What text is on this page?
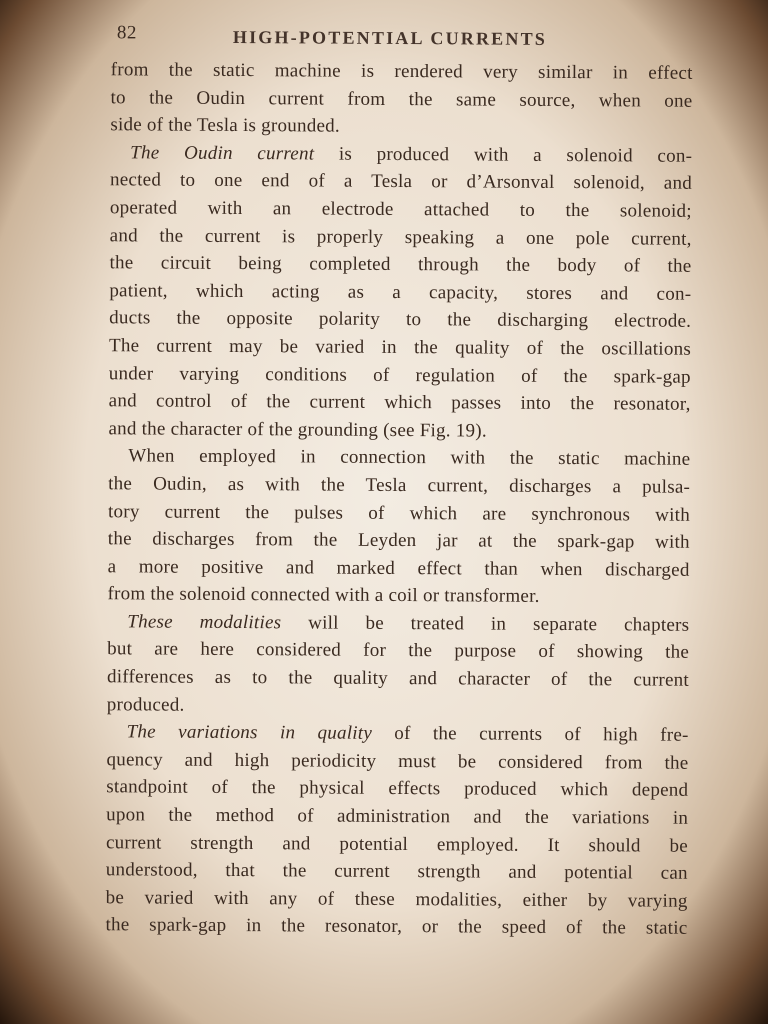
82	HIGH-POTENTIAL CURRENTS
from the static machine is rendered very similar in effect
to the Oudin current from the same source, when one
side of the Tesla is grounded.
The Oudin current is produced with a solenoid con-
nected to one end of a Tesla or d’Arsonval solenoid, and
operated with an electrode attached to the solenoid;
and the current is properly speaking a one pole current,
the circuit being completed through the body of the
patient, which acting as a capacity, stores and con-
ducts the opposite polarity to the discharging electrode.
The current may be varied in the quality of the oscillations
under varying conditions of regulation of the spark-gap
and control of the current which passes into the resonator,
and the character of the grounding (see Fig. 19).
When employed in connection with the static machine
the Oudin, as with the Tesla current, discharges a pulsa-
tory current the pulses of which are synchronous with
the discharges from the Leyden jar at the spark-gap with
a more positive and marked effect than when discharged
from the solenoid connected with a coil or transformer.
These modalities will be treated in separate chapters
but are here considered for the purpose of showing the
differences as to the quality and character of the current
produced.
The variations in quality of the currents of high fre-
quency and high periodicity must be considered from the
standpoint of the physical effects produced which depend
upon the method of administration and the variations in
current strength and potential employed. It should be
understood, that the current strength and potential can
be varied with any of these modalities, either by varying
the spark-gap in the resonator, or the speed of the static
